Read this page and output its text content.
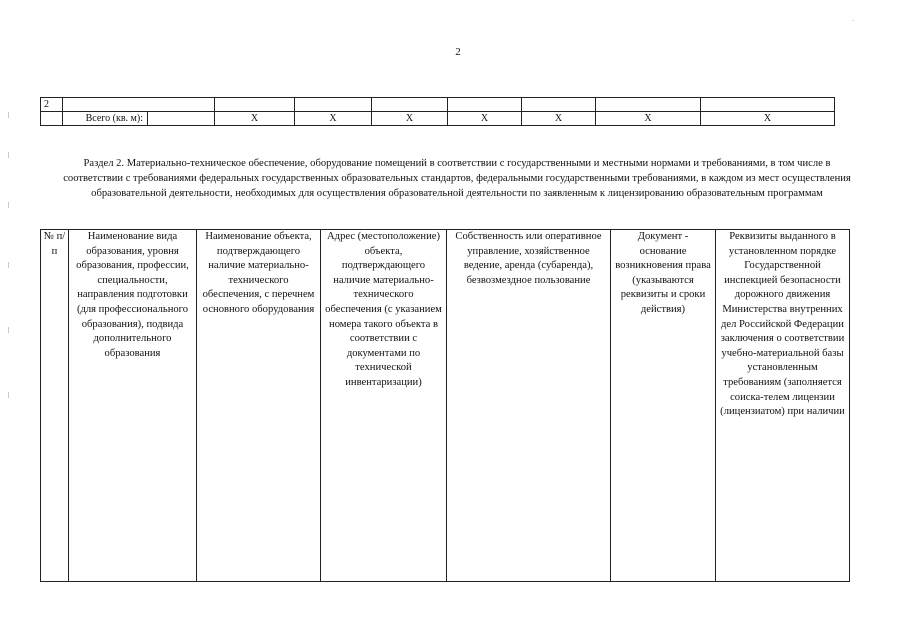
2
.
2									
	Всего (кв. м):		X	X	X	X	X	X	X
Раздел 2. Материально-техническое обеспечение, оборудование помещений в соответствии с государственными и местными нормами и требованиями, в том числе в соответствии с требованиями федеральных государственных образовательных стандартов, федеральными государственными требованиями, в каждом из мест осуществления образовательной деятельности, необходимых для осуществления образовательной деятельности по заявленным к лицензированию образовательным программам
№ п/п	Наименование вида образования, уровня образования, профессии, специальности, направления подготовки (для профессионального образования), подвида дополнительного образования	Наименование объекта, подтверждающего наличие материально-технического обеспечения, с перечнем основного оборудования	Адрес (местоположение) объекта, подтверждающего наличие материально-технического обеспечения (с указанием номера такого объекта в соответствии с документами по технической инвентаризации)	Собственность или оперативное управление, хозяйственное ведение, аренда (субаренда), безвозмездное пользование	Документ - основание возникновения права (указываются реквизиты и сроки действия)	Реквизиты выданного в установленном порядке Государственной инспекцией безопасности дорожного движения Министерства внутренних дел Российской Федерации заключения о соответствии учебно-материальной базы установленным требованиям (заполняется соиска-телем лицензии (лицензиатом) при наличии
